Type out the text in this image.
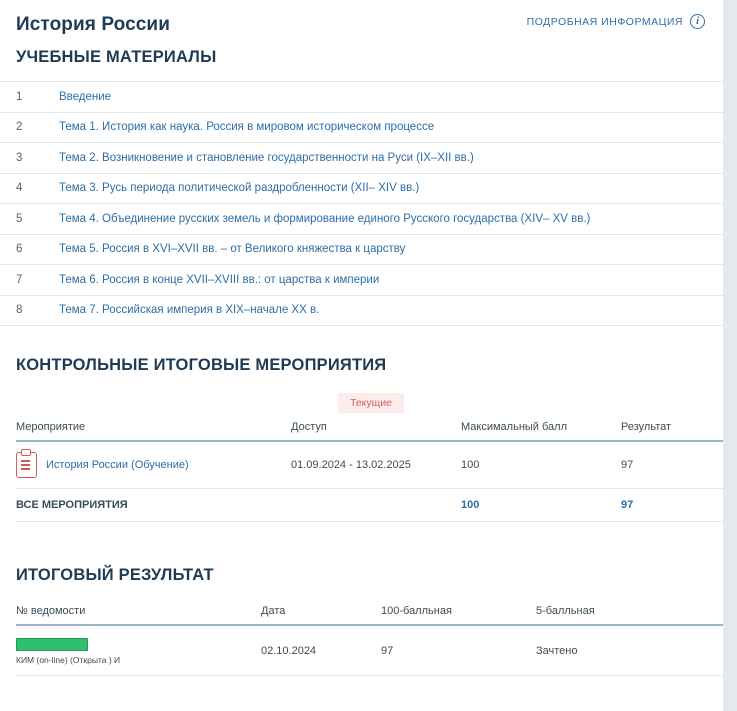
История России	ПОДРОБНАЯ ИНФОРМАЦИЯ	i
УЧЕБНЫЕ МАТЕРИАЛЫ
1	Введение
2	Тема 1. История как наука. Россия в мировом историческом процессе
3	Тема 2. Возникновение и становление государственности на Руси (IX–XII вв.)
4	Тема 3. Русь периода политической раздробленности (XII– XIV вв.)
5	Тема 4. Объединение русских земель и формирование единого Русского государства (XIV– XV вв.)
6	Тема 5. Россия в XVI–XVII вв. – от Великого княжества к царству
7	Тема 6. Россия в конце XVII–XVIII вв.: от царства к империи
8	Тема 7. Российская империя в XIX–начале XX в.
КОНТРОЛЬНЫЕ ИТОГОВЫЕ МЕРОПРИЯТИЯ
Текущие
Мероприятие	Доступ	Максимальный балл	Результат

История России (Обучение)	01.09.2024 - 13.02.2025	100	97
ВСЕ МЕРОПРИЯТИЯ		100	97
ИТОГОВЫЙ РЕЗУЛЬТАТ
№ ведомости	Дата	100-балльная	5-балльная

КИМ (on-line) (Открыта ) И	02.10.2024	97	Зачтено
